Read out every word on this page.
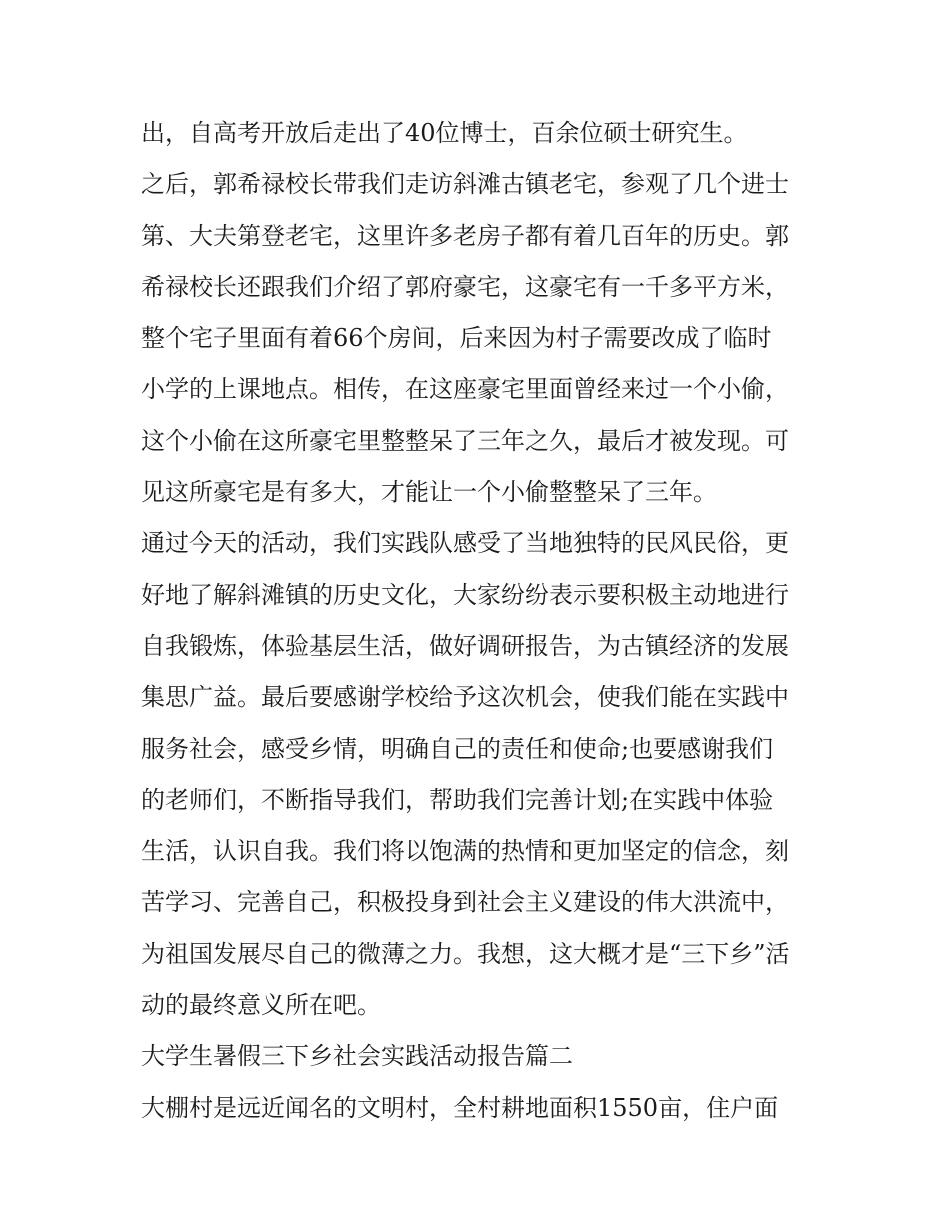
出，自高考开放后走出了40位博士，百余位硕士研究生。
之后，郭希禄校长带我们走访斜滩古镇老宅，参观了几个进士
第、大夫第登老宅，这里许多老房子都有着几百年的历史。郭
希禄校长还跟我们介绍了郭府豪宅，这豪宅有一千多平方米，
整个宅子里面有着66个房间，后来因为村子需要改成了临时
小学的上课地点。相传，在这座豪宅里面曾经来过一个小偷，
这个小偷在这所豪宅里整整呆了三年之久，最后才被发现。可
见这所豪宅是有多大，才能让一个小偷整整呆了三年。
通过今天的活动，我们实践队感受了当地独特的民风民俗，更
好地了解斜滩镇的历史文化，大家纷纷表示要积极主动地进行
自我锻炼，体验基层生活，做好调研报告，为古镇经济的发展
集思广益。最后要感谢学校给予这次机会，使我们能在实践中
服务社会，感受乡情，明确自己的责任和使命;也要感谢我们
的老师们，不断指导我们，帮助我们完善计划;在实践中体验
生活，认识自我。我们将以饱满的热情和更加坚定的信念，刻
苦学习、完善自己，积极投身到社会主义建设的伟大洪流中，
为祖国发展尽自己的微薄之力。我想，这大概才是“三下乡”活
动的最终意义所在吧。
大学生暑假三下乡社会实践活动报告篇二
大棚村是远近闻名的文明村，全村耕地面积1550亩，住户面
